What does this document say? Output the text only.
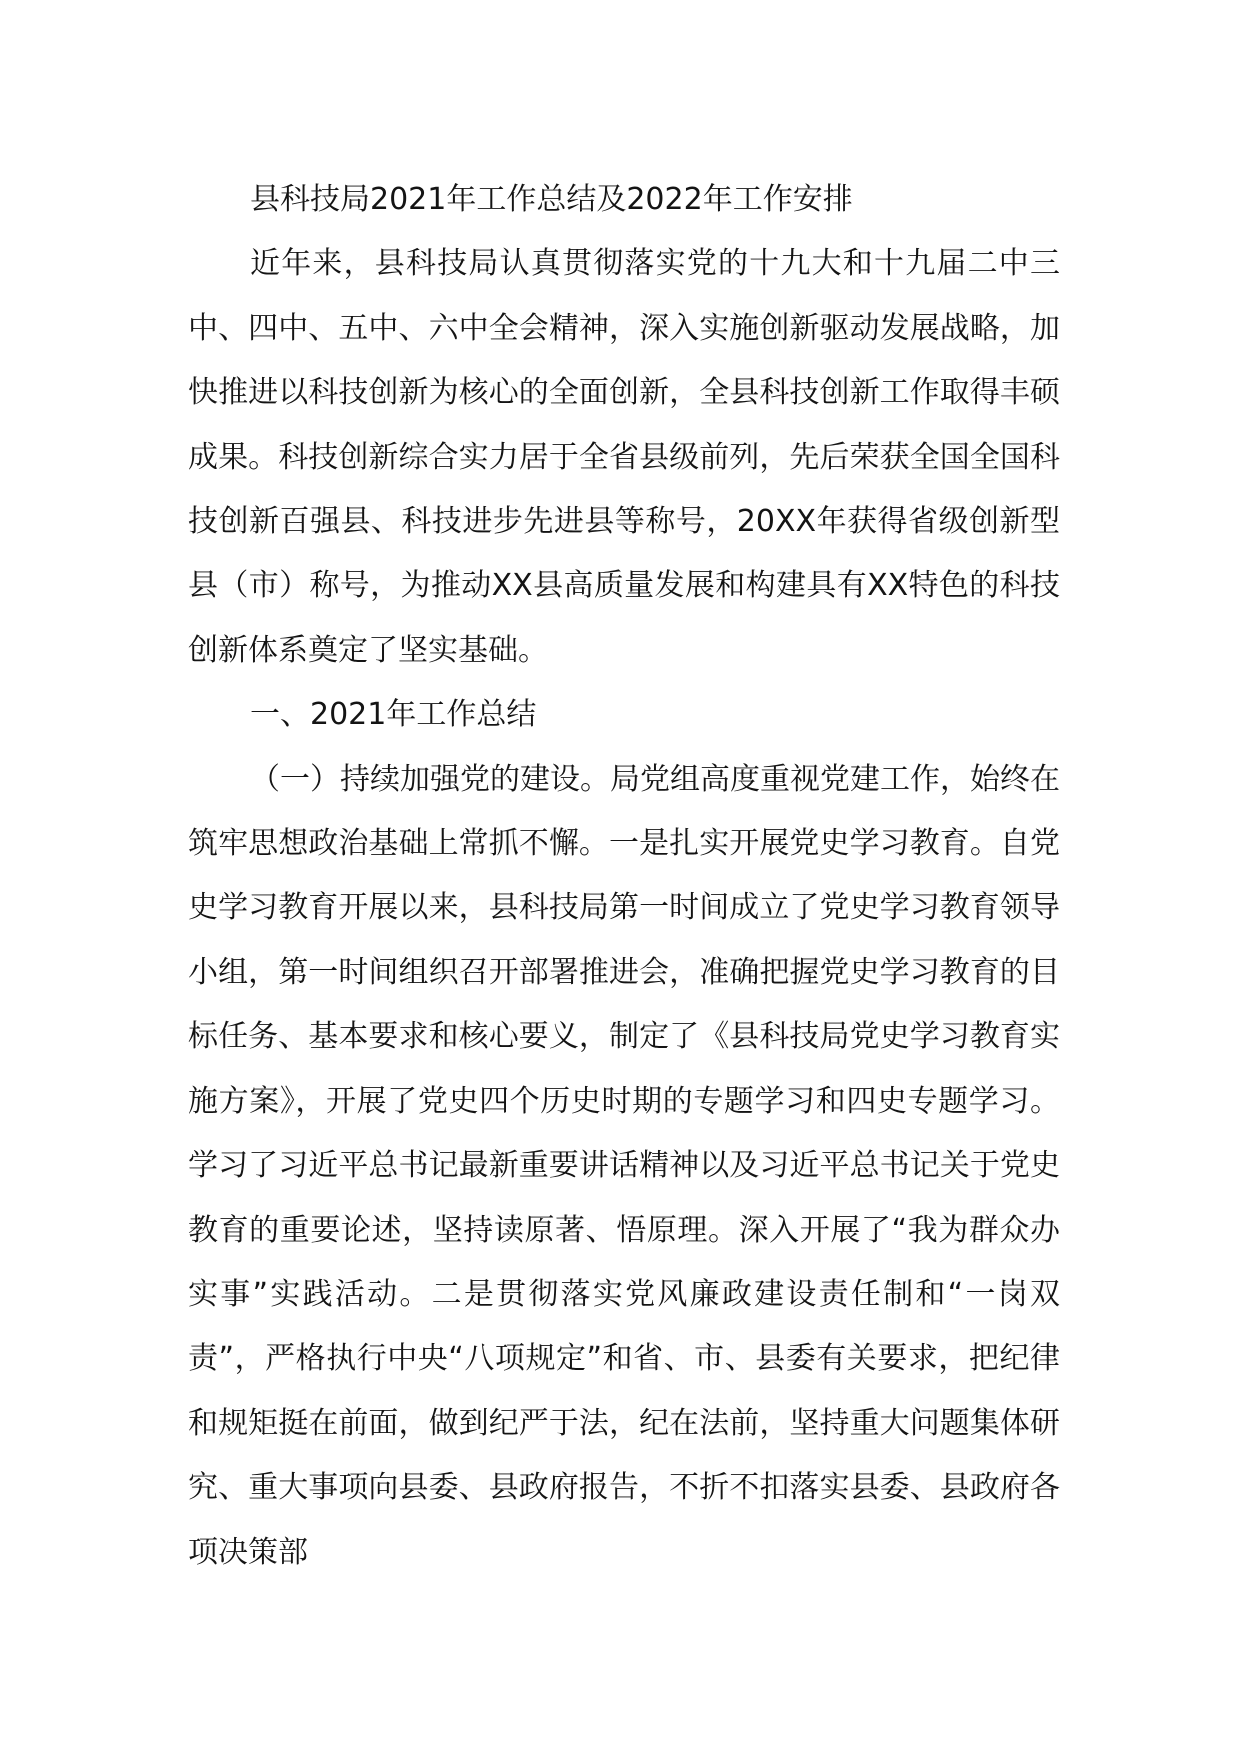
县科技局2021年工作总结及2022年工作安排

近年来，县科技局认真贯彻落实党的十九大和十九届二中三中、四中、五中、六中全会精神，深入实施创新驱动发展战略，加快推进以科技创新为核心的全面创新，全县科技创新工作取得丰硕成果。科技创新综合实力居于全省县级前列，先后荣获全国全国科技创新百强县、科技进步先进县等称号，20XX年获得省级创新型县（市）称号，为推动XX县高质量发展和构建具有XX特色的科技创新体系奠定了坚实基础。

一、2021年工作总结

（一）持续加强党的建设。局党组高度重视党建工作，始终在筑牢思想政治基础上常抓不懈。一是扎实开展党史学习教育。自党史学习教育开展以来，县科技局第一时间成立了党史学习教育领导小组，第一时间组织召开部署推进会，准确把握党史学习教育的目标任务、基本要求和核心要义，制定了《县科技局党史学习教育实施方案》，开展了党史四个历史时期的专题学习和四史专题学习。学习了习近平总书记最新重要讲话精神以及习近平总书记关于党史教育的重要论述，坚持读原著、悟原理。深入开展了“我为群众办实事”实践活动。二是贯彻落实党风廉政建设责任制和“一岗双责”，严格执行中央“八项规定”和省、市、县委有关要求，把纪律和规矩挺在前面，做到纪严于法，纪在法前，坚持重大问题集体研究、重大事项向县委、县政府报告，不折不扣落实县委、县政府各项决策部
